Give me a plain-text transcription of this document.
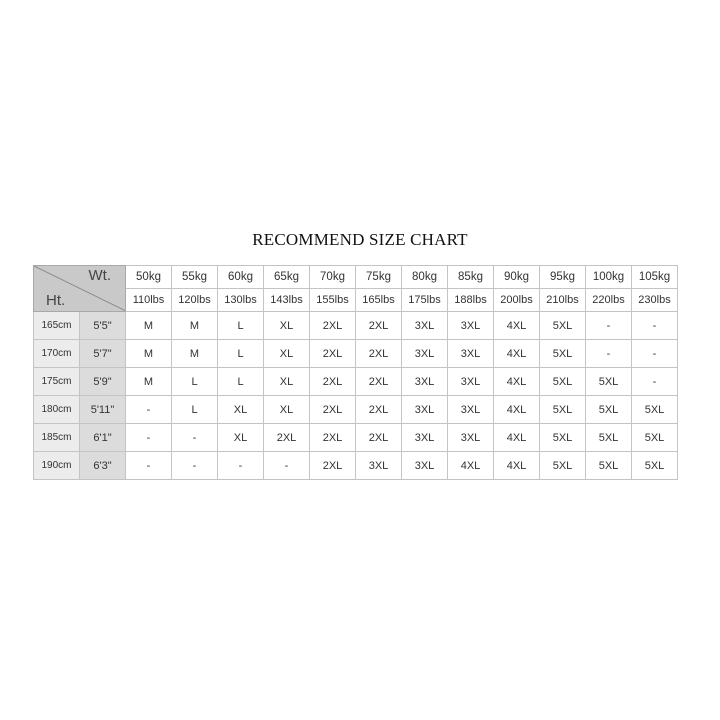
RECOMMEND SIZE CHART
Wt.
Ht.		50kg	55kg	60kg	65kg	70kg	75kg	80kg	85kg	90kg	95kg	100kg	105kg
		110lbs	120lbs	130lbs	143lbs	155lbs	165lbs	175lbs	188lbs	200lbs	210lbs	220lbs	230lbs
165cm	5'5"	M	M	L	XL	2XL	2XL	3XL	3XL	4XL	5XL	-	-
170cm	5'7"	M	M	L	XL	2XL	2XL	3XL	3XL	4XL	5XL	-	-
175cm	5'9"	M	L	L	XL	2XL	2XL	3XL	3XL	4XL	5XL	5XL	-
180cm	5'11"	-	L	XL	XL	2XL	2XL	3XL	3XL	4XL	5XL	5XL	5XL
185cm	6'1"	-	-	XL	2XL	2XL	2XL	3XL	3XL	4XL	5XL	5XL	5XL
190cm	6'3"	-	-	-	-	2XL	3XL	3XL	4XL	4XL	5XL	5XL	5XL
